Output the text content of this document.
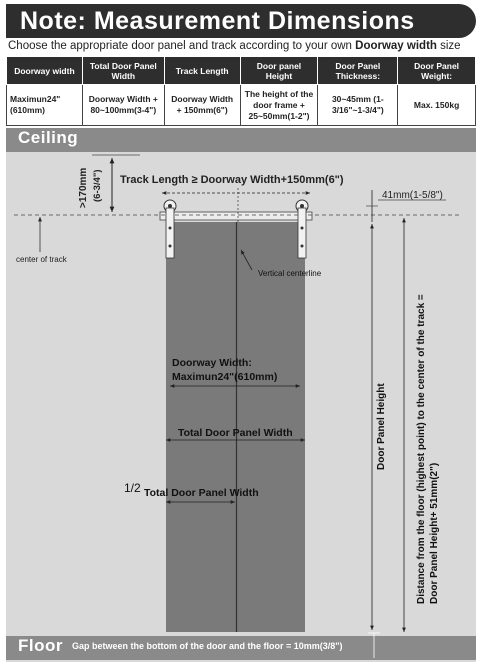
Note: Measurement Dimensions
Choose the appropriate door panel and track according to your own Doorway width size
Doorway width	Total Door Panel Width	Track Length	Door panel Height	Door Panel Thickness:	Door Panel Weight:
Maximun24" (610mm)	Doorway Width + 80~100mm(3-4")	Doorway Width + 150mm(6")	The height of the door frame + 25~50mm(1-2")	30~45mm (1-3/16"~1-3/4")	Max. 150kg
Ceiling
Floor
>170mm (6-3/4") Track Length ≥ Doorway Width+150mm(6")
41mm(1-5/8")
center of track
Vertical centerline
Doorway Width:
Maximun24"(610mm)
Total Door Panel Width
1/2 Total Door Panel Width
Door Panel Height	Distance from the floor (highest point) to the center of the track = Door Panel Height+ 51mm(2")
Gap between the bottom of the door and the floor = 10mm(3/8")
